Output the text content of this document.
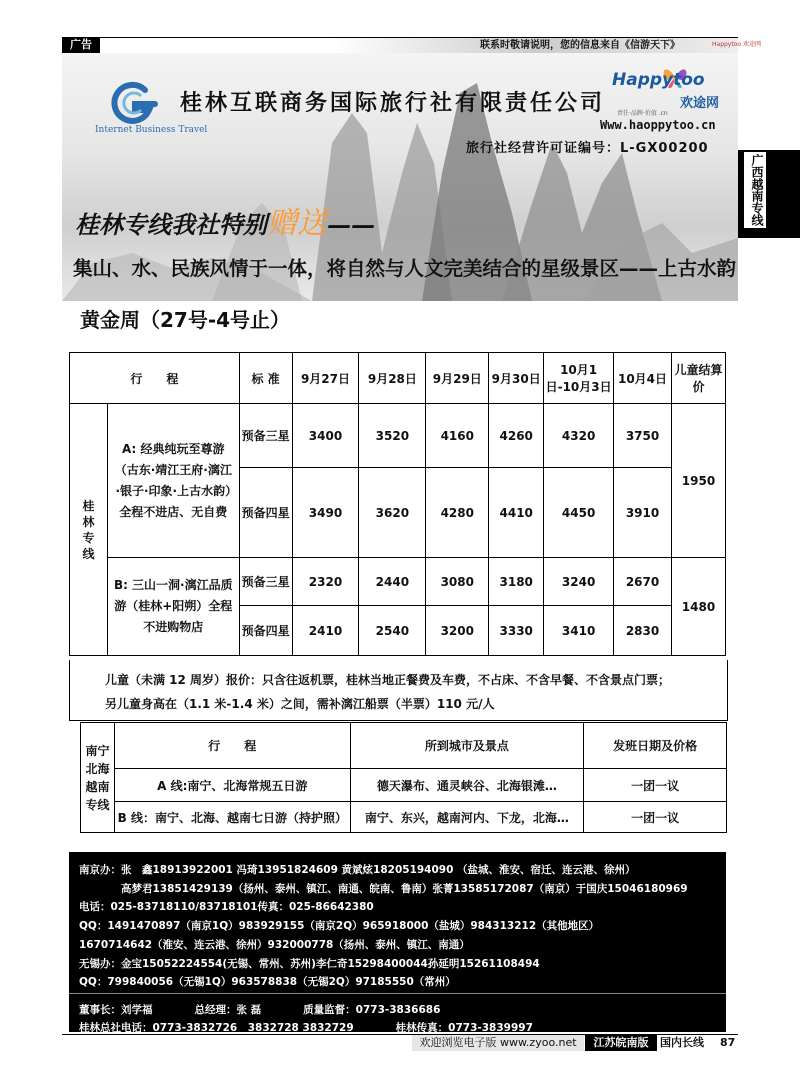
广告	联系时敬请说明，您的信息来自《信游天下》	Happytoo 欢途网
Internet Business Travel
桂林互联商务国际旅行社有限责任公司
Happytoo
欢途网
责任·品牌·价值 .cn
Www.haoppytoo.cn
旅行社经营许可证编号：L-GX00200
桂林专线我社特别赠送——
集山、水、民族风情于一体，将自然与人文完美结合的星级景区——上古水韵
广西越南专线
黄金周（27号-4号止）
行　　程		标 准	9月27日	9月28日	9月29日	9月30日	10月1日-10月3日	10月4日	儿童结算价

桂林专线	A: 经典纯玩至尊游（古东·靖江王府·漓江·银子·印象·上古水韵）全程不进店、无自费	预备三星	3400	3520	4160	4260	4320	3750	1950
		预备四星	3490	3620	4280	4410	4450	3910	
	B: 三山一洞·漓江品质游（桂林+阳朔）全程不进购物店	预备三星	2320	2440	3080	3180	3240	2670	1480
		预备四星	2410	2540	3200	3330	3410	2830	
儿童（未满 12 周岁）报价：只含往返机票，桂林当地正餐费及车费，不占床、不含早餐、不含景点门票；
另儿童身高在（1.1 米-1.4 米）之间，需补漓江船票（半票）110 元/人
南宁北海越南专线	行　　程	所到城市及景点	发班日期及价格
	A 线:南宁、北海常规五日游	德天瀑布、通灵峡谷、北海银滩…	一团一议
	B 线：南宁、北海、越南七日游（持护照）	南宁、东兴，越南河内、下龙，北海…	一团一议
南京办：张　鑫18913922001 冯琦13951824609 黄斌炫18205194090 （盐城、淮安、宿迁、连云港、徐州）
　　　　高梦君13851429139（扬州、泰州、镇江、南通、皖南、鲁南）张菁13585172087（南京）于国庆15046180969
电话：025-83718110/83718101传真：025-86642380
QQ：1491470897（南京1Q）983929155（南京2Q）965918000（盐城）984313212（其他地区）
1670714642（淮安、连云港、徐州）932000778（扬州、泰州、镇江、南通）
无锡办：金宝15052224554(无锡、常州、苏州)李仁奇15298400044孙延明15261108494
QQ：799840056（无锡1Q）963578838（无锡2Q）97185550（常州）
董事长：刘学福　　　　总经理：张 磊　　　　质量监督：0773-3836686
桂林总社电话：0773-3832726　3832728 3832729　　　　桂林传真：0773-3839997
欢迎浏览电子版 www.zyoo.net	江苏皖南版	国内长线 87
